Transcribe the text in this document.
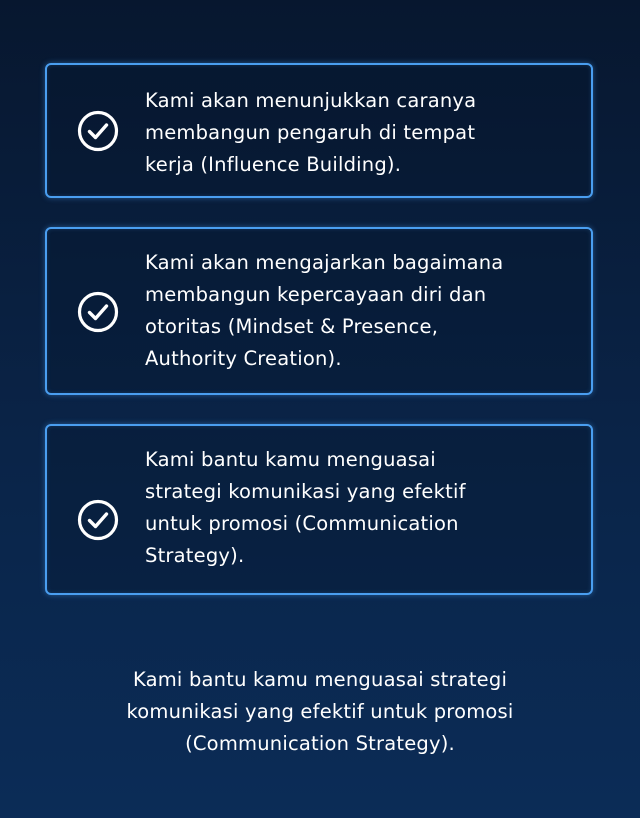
Kami akan menunjukkan caranya
membangun pengaruh di tempat
kerja (Influence Building).

Kami akan mengajarkan bagaimana
membangun kepercayaan diri dan
otoritas (Mindset & Presence,
Authority Creation).

Kami bantu kamu menguasai
strategi komunikasi yang efektif
untuk promosi (Communication
Strategy).

Kami bantu kamu menguasai strategi
komunikasi yang efektif untuk promosi
(Communication Strategy).
